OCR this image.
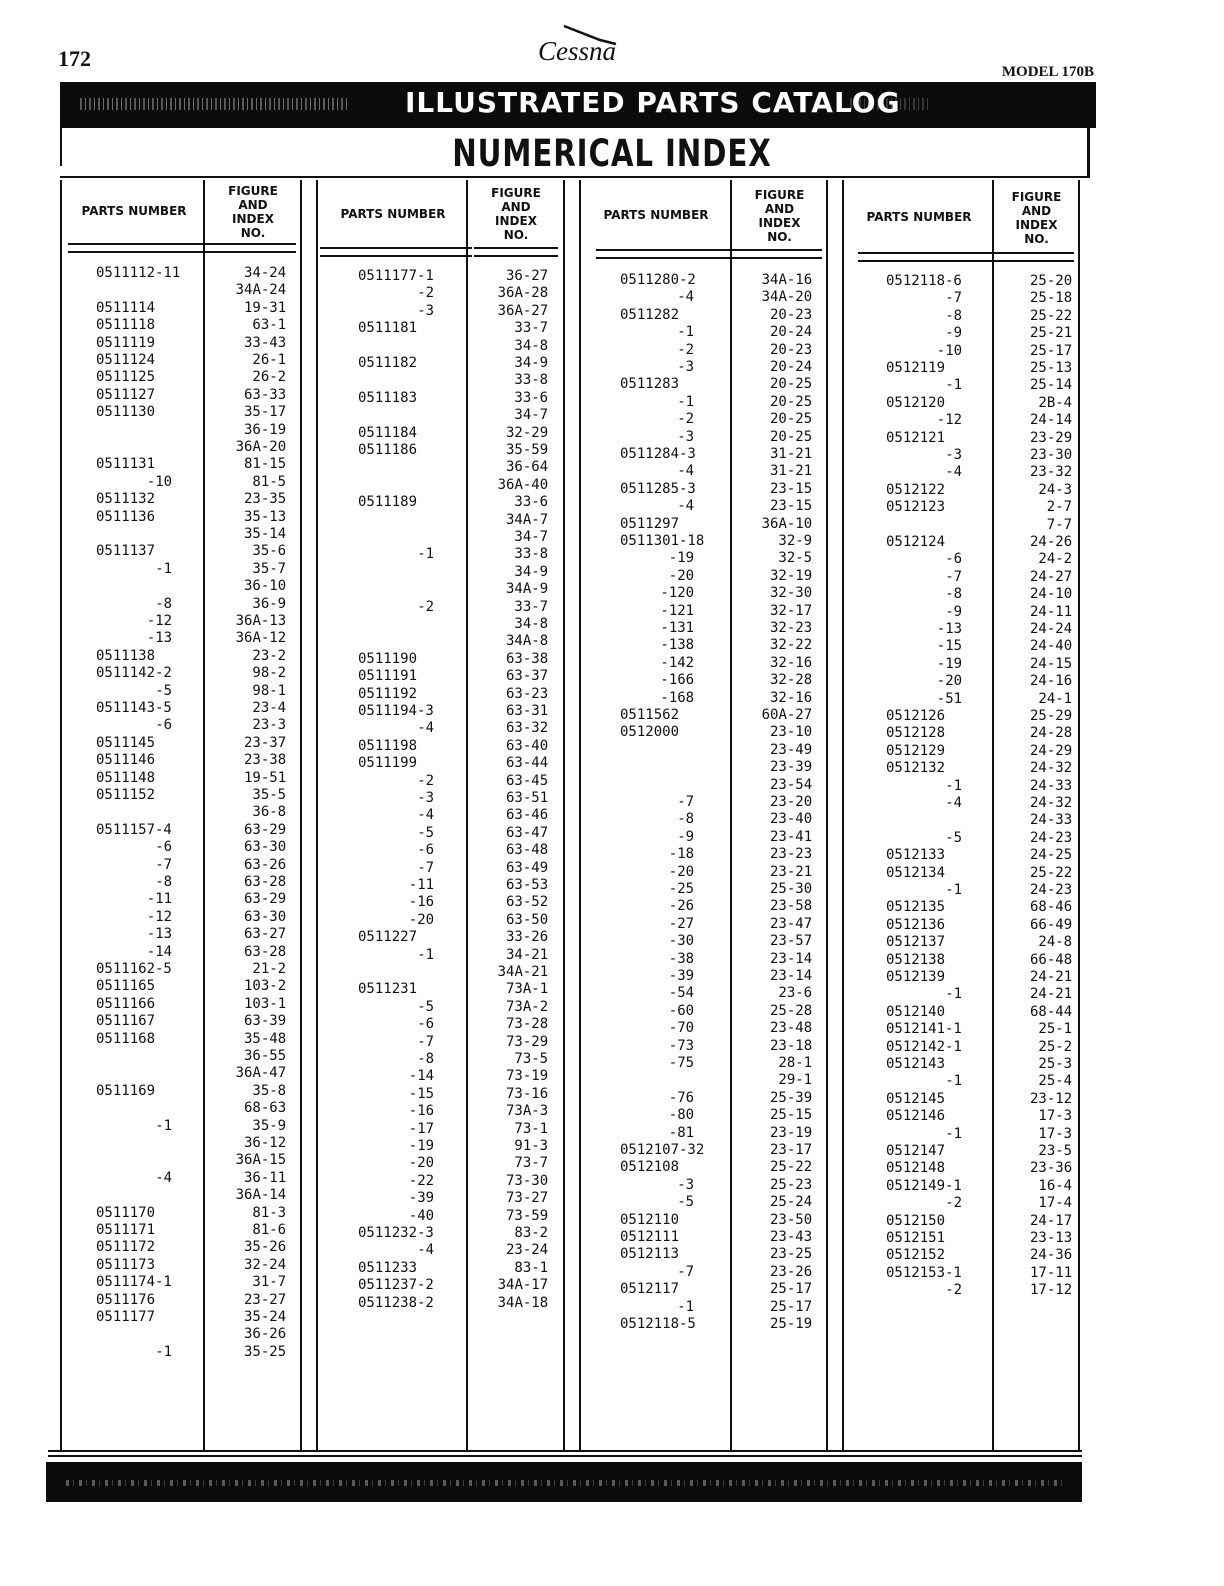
172	Cessna
MODEL 170B
ILLUSTRATED PARTS CATALOG
NUMERICAL INDEX
PARTS NUMBER
FIGURE
AND
INDEX
NO.
PARTS NUMBER
FIGURE
AND
INDEX
NO.
PARTS NUMBER
FIGURE
AND
INDEX
NO.
PARTS NUMBER
FIGURE
AND
INDEX
NO.
0511112-11	34-24
34A-24
0511114	19-31
0511118	63-1
0511119	33-43
0511124	26-1
0511125	26-2
0511127	63-33
0511130	35-17
36-19
36A-20
0511131	81-15
-10	81-5
0511132	23-35
0511136	35-13
35-14
0511137	35-6
-1	35-7
36-10
-8	36-9
-12	36A-13
-13	36A-12
0511138	23-2
0511142-2	98-2
-5	98-1
0511143-5	23-4
-6	23-3
0511145	23-37
0511146	23-38
0511148	19-51
0511152	35-5
36-8
0511157-4	63-29
-6	63-30
-7	63-26
-8	63-28
-11	63-29
-12	63-30
-13	63-27
-14	63-28
0511162-5	21-2
0511165	103-2
0511166	103-1
0511167	63-39
0511168	35-48
36-55
36A-47
0511169	35-8
68-63
-1	35-9
36-12
36A-15
-4	36-11
36A-14
0511170	81-3
0511171	81-6
0511172	35-26
0511173	32-24
0511174-1	31-7
0511176	23-27
0511177	35-24
36-26
-1	35-25
0511177-1	36-27
-2	36A-28
-3	36A-27
0511181	33-7
34-8
0511182	34-9
33-8
0511183	33-6
34-7
0511184	32-29
0511186	35-59
36-64
36A-40
0511189	33-6
34A-7
34-7
-1	33-8
34-9
34A-9
-2	33-7
34-8
34A-8
0511190	63-38
0511191	63-37
0511192	63-23
0511194-3	63-31
-4	63-32
0511198	63-40
0511199	63-44
-2	63-45
-3	63-51
-4	63-46
-5	63-47
-6	63-48
-7	63-49
-11	63-53
-16	63-52
-20	63-50
0511227	33-26
-1	34-21
34A-21
0511231	73A-1
-5	73A-2
-6	73-28
-7	73-29
-8	73-5
-14	73-19
-15	73-16
-16	73A-3
-17	73-1
-19	91-3
-20	73-7
-22	73-30
-39	73-27
-40	73-59
0511232-3	83-2
-4	23-24
0511233	83-1
0511237-2	34A-17
0511238-2	34A-18
0511280-2	34A-16
-4	34A-20
0511282	20-23
-1	20-24
-2	20-23
-3	20-24
0511283	20-25
-1	20-25
-2	20-25
-3	20-25
0511284-3	31-21
-4	31-21
0511285-3	23-15
-4	23-15
0511297	36A-10
0511301-18	32-9
-19	32-5
-20	32-19
-120	32-30
-121	32-17
-131	32-23
-138	32-22
-142	32-16
-166	32-28
-168	32-16
0511562	60A-27
0512000	23-10
23-49
23-39
23-54
-7	23-20
-8	23-40
-9	23-41
-18	23-23
-20	23-21
-25	25-30
-26	23-58
-27	23-47
-30	23-57
-38	23-14
-39	23-14
-54	23-6
-60	25-28
-70	23-48
-73	23-18
-75	28-1
29-1
-76	25-39
-80	25-15
-81	23-19
0512107-32	23-17
0512108	25-22
-3	25-23
-5	25-24
0512110	23-50
0512111	23-43
0512113	23-25
-7	23-26
0512117	25-17
-1	25-17
0512118-5	25-19
0512118-6	25-20
-7	25-18
-8	25-22
-9	25-21
-10	25-17
0512119	25-13
-1	25-14
0512120	2B-4
-12	24-14
0512121	23-29
-3	23-30
-4	23-32
0512122	24-3
0512123	2-7
7-7
0512124	24-26
-6	24-2
-7	24-27
-8	24-10
-9	24-11
-13	24-24
-15	24-40
-19	24-15
-20	24-16
-51	24-1
0512126	25-29
0512128	24-28
0512129	24-29
0512132	24-32
-1	24-33
-4	24-32
24-33
-5	24-23
0512133	24-25
0512134	25-22
-1	24-23
0512135	68-46
0512136	66-49
0512137	24-8
0512138	66-48
0512139	24-21
-1	24-21
0512140	68-44
0512141-1	25-1
0512142-1	25-2
0512143	25-3
-1	25-4
0512145	23-12
0512146	17-3
-1	17-3
0512147	23-5
0512148	23-36
0512149-1	16-4
-2	17-4
0512150	24-17
0512151	23-13
0512152	24-36
0512153-1	17-11
-2	17-12
